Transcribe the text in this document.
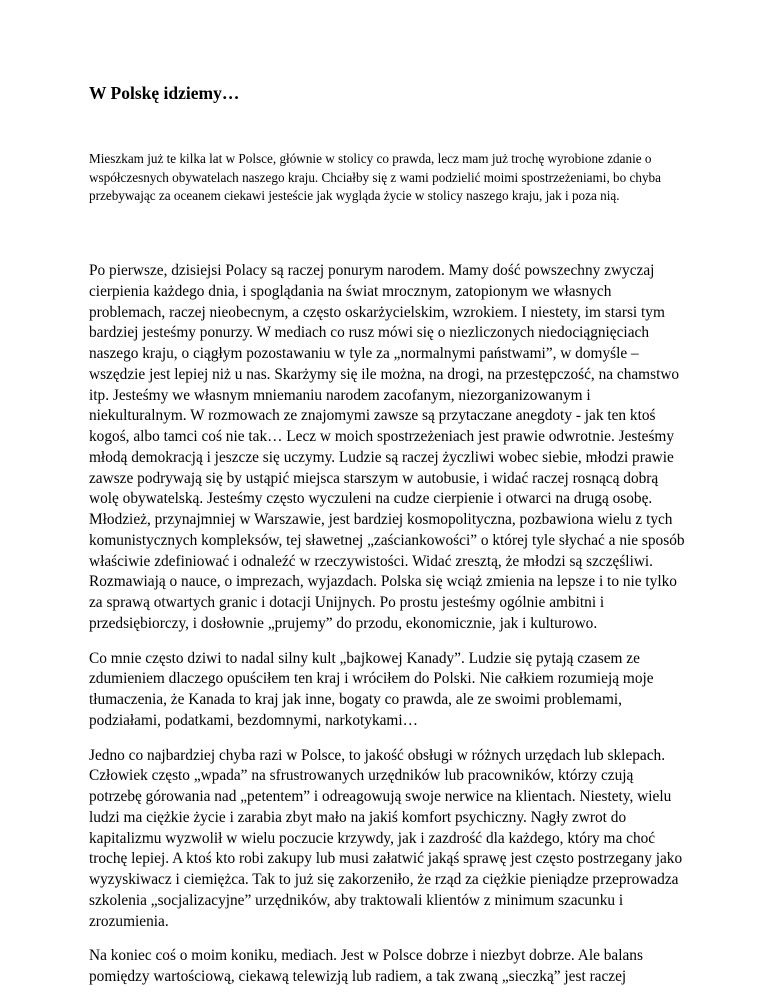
W Polskę idziemy…

Mieszkam już te kilka lat w Polsce, głównie w stolicy co prawda, lecz mam już trochę wyrobione zdanie o współczesnych obywatelach naszego kraju. Chciałby się z wami podzielić moimi spostrzeżeniami, bo chyba przebywając za oceanem ciekawi jesteście jak wygląda życie w stolicy naszego kraju, jak i poza nią.

Po pierwsze, dzisiejsi Polacy są raczej ponurym narodem. Mamy dość powszechny zwyczaj cierpienia każdego dnia, i spoglądania na świat mrocznym, zatopionym we własnych problemach, raczej nieobecnym, a często oskarżycielskim, wzrokiem. I niestety, im starsi tym bardziej jesteśmy ponurzy. W mediach co rusz mówi się o niezliczonych niedociągnięciach naszego kraju, o ciągłym pozostawaniu w tyle za „normalnymi państwami”, w domyśle – wszędzie jest lepiej niż u nas. Skarżymy się ile można, na drogi, na przestępczość, na chamstwo itp. Jesteśmy we własnym mniemaniu narodem zacofanym, niezorganizowanym i niekulturalnym. W rozmowach ze znajomymi zawsze są przytaczane anegdoty - jak ten ktoś kogoś, albo tamci coś nie tak… Lecz w moich spostrzeżeniach jest prawie odwrotnie. Jesteśmy młodą demokracją i jeszcze się uczymy. Ludzie są raczej życzliwi wobec siebie, młodzi prawie zawsze podrywają się by ustąpić miejsca starszym w autobusie, i widać raczej rosnącą dobrą wolę obywatelską. Jesteśmy często wyczuleni na cudze cierpienie i otwarci na drugą osobę. Młodzież, przynajmniej w Warszawie, jest bardziej kosmopolityczna, pozbawiona wielu z tych komunistycznych kompleksów, tej sławetnej „zaściankowości” o której tyle słychać a nie sposób właściwie zdefiniować i odnaleźć w rzeczywistości. Widać zresztą, że młodzi są szczęśliwi. Rozmawiają o nauce, o imprezach, wyjazdach. Polska się wciąż zmienia na lepsze i to nie tylko za sprawą otwartych granic i dotacji Unijnych. Po prostu jesteśmy ogólnie ambitni i przedsiębiorczy, i dosłownie „prujemy” do przodu, ekonomicznie, jak i kulturowo.

Co mnie często dziwi to nadal silny kult „bajkowej Kanady”. Ludzie się pytają czasem ze zdumieniem dlaczego opuściłem ten kraj i wróciłem do Polski. Nie całkiem rozumieją moje tłumaczenia, że Kanada to kraj jak inne, bogaty co prawda, ale ze swoimi problemami, podziałami, podatkami, bezdomnymi, narkotykami…

Jedno co najbardziej chyba razi w Polsce, to jakość obsługi w różnych urzędach lub sklepach. Człowiek często „wpada” na sfrustrowanych urzędników lub pracowników, którzy czują potrzebę górowania nad „petentem” i odreagowują swoje nerwice na klientach. Niestety, wielu ludzi ma ciężkie życie i zarabia zbyt mało na jakiś komfort psychiczny. Nagły zwrot do kapitalizmu wyzwolił w wielu poczucie krzywdy, jak i zazdrość dla każdego, który ma choć trochę lepiej. A ktoś kto robi zakupy lub musi załatwić jakąś sprawę jest często postrzegany jako wyzyskiwacz i ciemiężca. Tak to już się zakorzeniło, że rząd za ciężkie pieniądze przeprowadza szkolenia „socjalizacyjne” urzędników, aby traktowali klientów z minimum szacunku i zrozumienia.

Na koniec coś o moim koniku, mediach. Jest w Polsce dobrze i niezbyt dobrze. Ale balans pomiędzy wartościową, ciekawą telewizją lub radiem, a tak zwaną „sieczką” jest raczej
